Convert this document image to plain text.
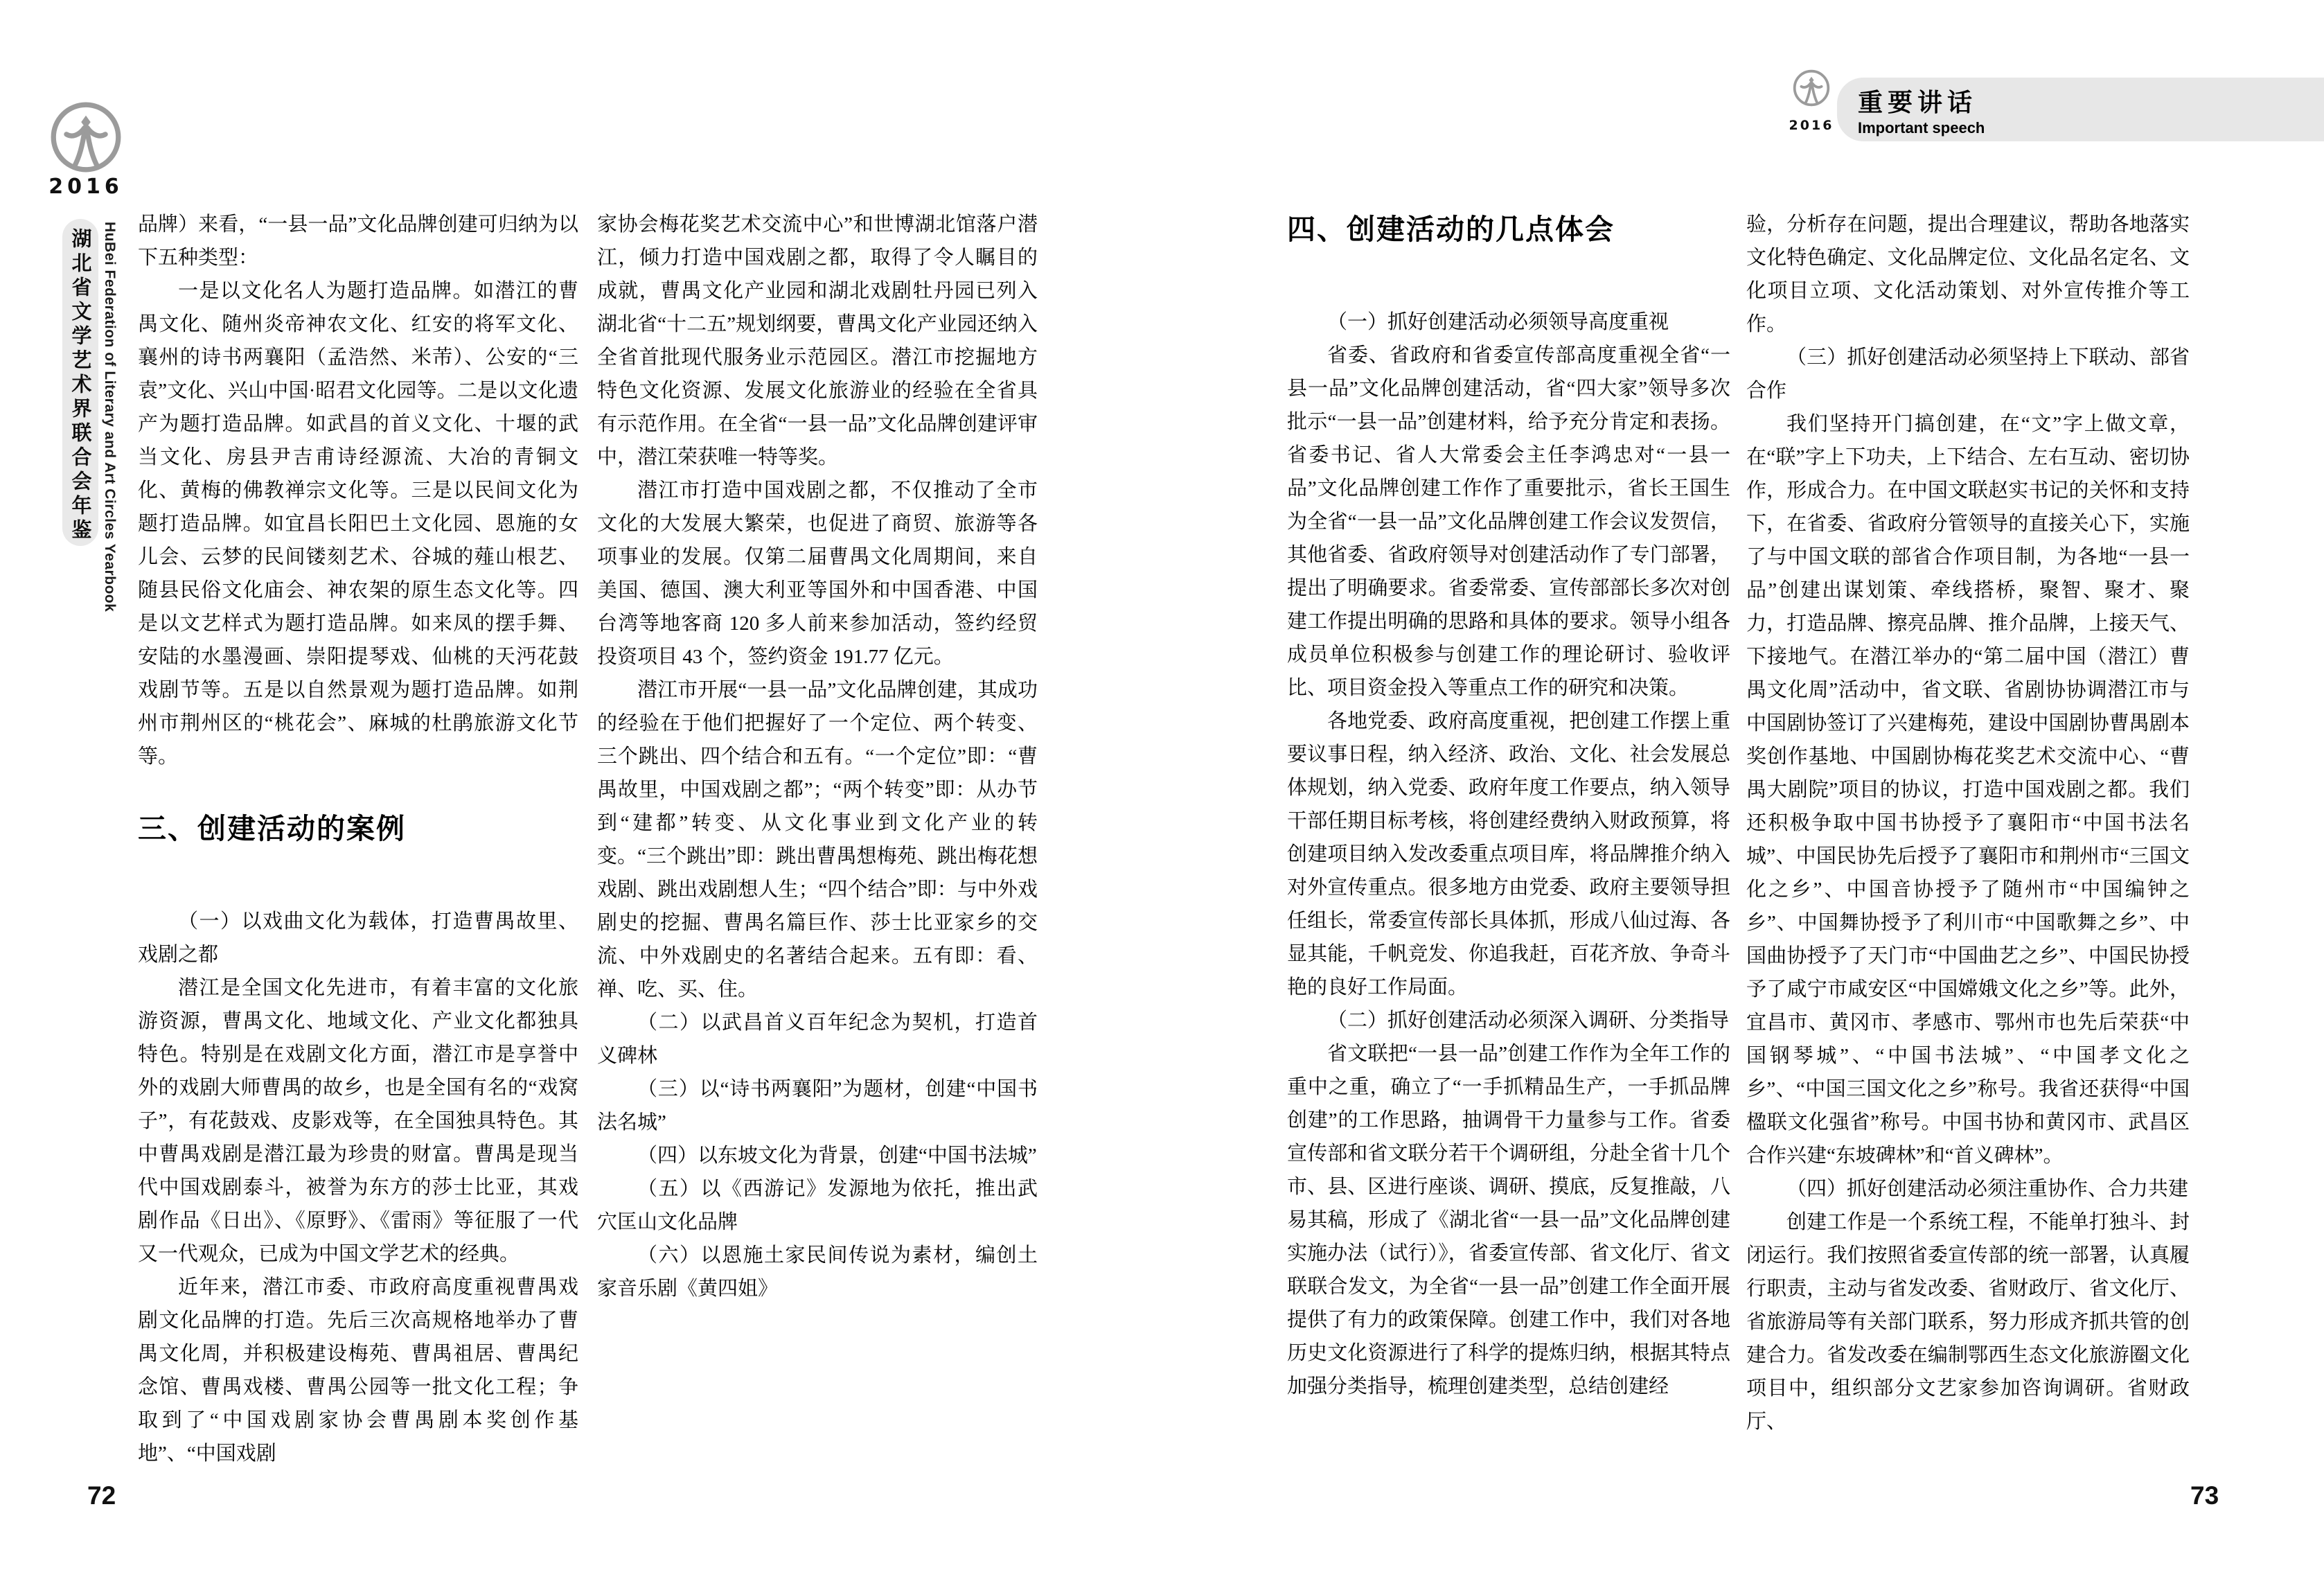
2016
湖北省文学艺术界联合会年鉴 HuBei Federation of Literary and Art Circles Yearbook
2016
重要讲话
Important speech

品牌）来看，“一县一品”文化品牌创建可归纳为以下五种类型：

一是以文化名人为题打造品牌。如潜江的曹禺文化、随州炎帝神农文化、红安的将军文化、襄州的诗书两襄阳（孟浩然、米芾）、公安的“三袁”文化、兴山中国·昭君文化园等。二是以文化遗产为题打造品牌。如武昌的首义文化、十堰的武当文化、房县尹吉甫诗经源流、大冶的青铜文化、黄梅的佛教禅宗文化等。三是以民间文化为题打造品牌。如宜昌长阳巴土文化园、恩施的女儿会、云梦的民间镂刻艺术、谷城的薤山根艺、随县民俗文化庙会、神农架的原生态文化等。四是以文艺样式为题打造品牌。如来凤的摆手舞、安陆的水墨漫画、崇阳提琴戏、仙桃的天沔花鼓戏剧节等。五是以自然景观为题打造品牌。如荆州市荆州区的“桃花会”、麻城的杜鹃旅游文化节等。

三、创建活动的案例

（一）以戏曲文化为载体，打造曹禺故里、戏剧之都

潜江是全国文化先进市，有着丰富的文化旅游资源，曹禺文化、地域文化、产业文化都独具特色。特别是在戏剧文化方面，潜江市是享誉中外的戏剧大师曹禺的故乡，也是全国有名的“戏窝子”，有花鼓戏、皮影戏等，在全国独具特色。其中曹禺戏剧是潜江最为珍贵的财富。曹禺是现当代中国戏剧泰斗，被誉为东方的莎士比亚，其戏剧作品《日出》、《原野》、《雷雨》等征服了一代又一代观众，已成为中国文学艺术的经典。

近年来，潜江市委、市政府高度重视曹禺戏剧文化品牌的打造。先后三次高规格地举办了曹禺文化周，并积极建设梅苑、曹禺祖居、曹禺纪念馆、曹禺戏楼、曹禺公园等一批文化工程；争取到了“中国戏剧家协会曹禺剧本奖创作基地”、“中国戏剧

家协会梅花奖艺术交流中心”和世博湖北馆落户潜江，倾力打造中国戏剧之都，取得了令人瞩目的成就，曹禺文化产业园和湖北戏剧牡丹园已列入湖北省“十二五”规划纲要，曹禺文化产业园还纳入全省首批现代服务业示范园区。潜江市挖掘地方特色文化资源、发展文化旅游业的经验在全省具有示范作用。在全省“一县一品”文化品牌创建评审中，潜江荣获唯一特等奖。

潜江市打造中国戏剧之都，不仅推动了全市文化的大发展大繁荣，也促进了商贸、旅游等各项事业的发展。仅第二届曹禺文化周期间，来自美国、德国、澳大利亚等国外和中国香港、中国台湾等地客商 120 多人前来参加活动，签约经贸投资项目 43 个，签约资金 191.77 亿元。

潜江市开展“一县一品”文化品牌创建，其成功的经验在于他们把握好了一个定位、两个转变、三个跳出、四个结合和五有。“一个定位”即：“曹禺故里，中国戏剧之都”；“两个转变”即：从办节到“建都”转变、从文化事业到文化产业的转变。“三个跳出”即：跳出曹禺想梅苑、跳出梅花想戏剧、跳出戏剧想人生；“四个结合”即：与中外戏剧史的挖掘、曹禺名篇巨作、莎士比亚家乡的交流、中外戏剧史的名著结合起来。五有即：看、禅、吃、买、住。

（二）以武昌首义百年纪念为契机，打造首义碑林

（三）以“诗书两襄阳”为题材，创建“中国书法名城”

（四）以东坡文化为背景，创建“中国书法城”

（五）以《西游记》发源地为依托，推出武穴匡山文化品牌

（六）以恩施土家民间传说为素材，编创土家音乐剧《黄四姐》

四、创建活动的几点体会

（一）抓好创建活动必须领导高度重视

省委、省政府和省委宣传部高度重视全省“一县一品”文化品牌创建活动，省“四大家”领导多次批示“一县一品”创建材料，给予充分肯定和表扬。省委书记、省人大常委会主任李鸿忠对“一县一品”文化品牌创建工作作了重要批示，省长王国生为全省“一县一品”文化品牌创建工作会议发贺信，其他省委、省政府领导对创建活动作了专门部署，提出了明确要求。省委常委、宣传部部长多次对创建工作提出明确的思路和具体的要求。领导小组各成员单位积极参与创建工作的理论研讨、验收评比、项目资金投入等重点工作的研究和决策。

各地党委、政府高度重视，把创建工作摆上重要议事日程，纳入经济、政治、文化、社会发展总体规划，纳入党委、政府年度工作要点，纳入领导干部任期目标考核，将创建经费纳入财政预算，将创建项目纳入发改委重点项目库，将品牌推介纳入对外宣传重点。很多地方由党委、政府主要领导担任组长，常委宣传部长具体抓，形成八仙过海、各显其能，千帆竞发、你追我赶，百花齐放、争奇斗艳的良好工作局面。

（二）抓好创建活动必须深入调研、分类指导

省文联把“一县一品”创建工作作为全年工作的重中之重，确立了“一手抓精品生产，一手抓品牌创建”的工作思路，抽调骨干力量参与工作。省委宣传部和省文联分若干个调研组，分赴全省十几个市、县、区进行座谈、调研、摸底，反复推敲，八易其稿，形成了《湖北省“一县一品”文化品牌创建实施办法（试行）》，省委宣传部、省文化厅、省文联联合发文，为全省“一县一品”创建工作全面开展提供了有力的政策保障。创建工作中，我们对各地历史文化资源进行了科学的提炼归纳，根据其特点加强分类指导，梳理创建类型，总结创建经

验，分析存在问题，提出合理建议，帮助各地落实文化特色确定、文化品牌定位、文化品名定名、文化项目立项、文化活动策划、对外宣传推介等工作。

（三）抓好创建活动必须坚持上下联动、部省合作

我们坚持开门搞创建，在“文”字上做文章，在“联”字上下功夫，上下结合、左右互动、密切协作，形成合力。在中国文联赵实书记的关怀和支持下，在省委、省政府分管领导的直接关心下，实施了与中国文联的部省合作项目制，为各地“一县一品”创建出谋划策、牵线搭桥，聚智、聚才、聚力，打造品牌、擦亮品牌、推介品牌，上接天气、下接地气。在潜江举办的“第二届中国（潜江）曹禺文化周”活动中，省文联、省剧协协调潜江市与中国剧协签订了兴建梅苑，建设中国剧协曹禺剧本奖创作基地、中国剧协梅花奖艺术交流中心、“曹禺大剧院”项目的协议，打造中国戏剧之都。我们还积极争取中国书协授予了襄阳市“中国书法名城”、中国民协先后授予了襄阳市和荆州市“三国文化之乡”、中国音协授予了随州市“中国编钟之乡”、中国舞协授予了利川市“中国歌舞之乡”、中国曲协授予了天门市“中国曲艺之乡”、中国民协授予了咸宁市咸安区“中国嫦娥文化之乡”等。此外，宜昌市、黄冈市、孝感市、鄂州市也先后荣获“中国钢琴城”、“中国书法城”、“中国孝文化之乡”、“中国三国文化之乡”称号。我省还获得“中国楹联文化强省”称号。中国书协和黄冈市、武昌区合作兴建“东坡碑林”和“首义碑林”。

（四）抓好创建活动必须注重协作、合力共建

创建工作是一个系统工程，不能单打独斗、封闭运行。我们按照省委宣传部的统一部署，认真履行职责，主动与省发改委、省财政厅、省文化厅、省旅游局等有关部门联系，努力形成齐抓共管的创建合力。省发改委在编制鄂西生态文化旅游圈文化项目中，组织部分文艺家参加咨询调研。省财政厅、

72	73
